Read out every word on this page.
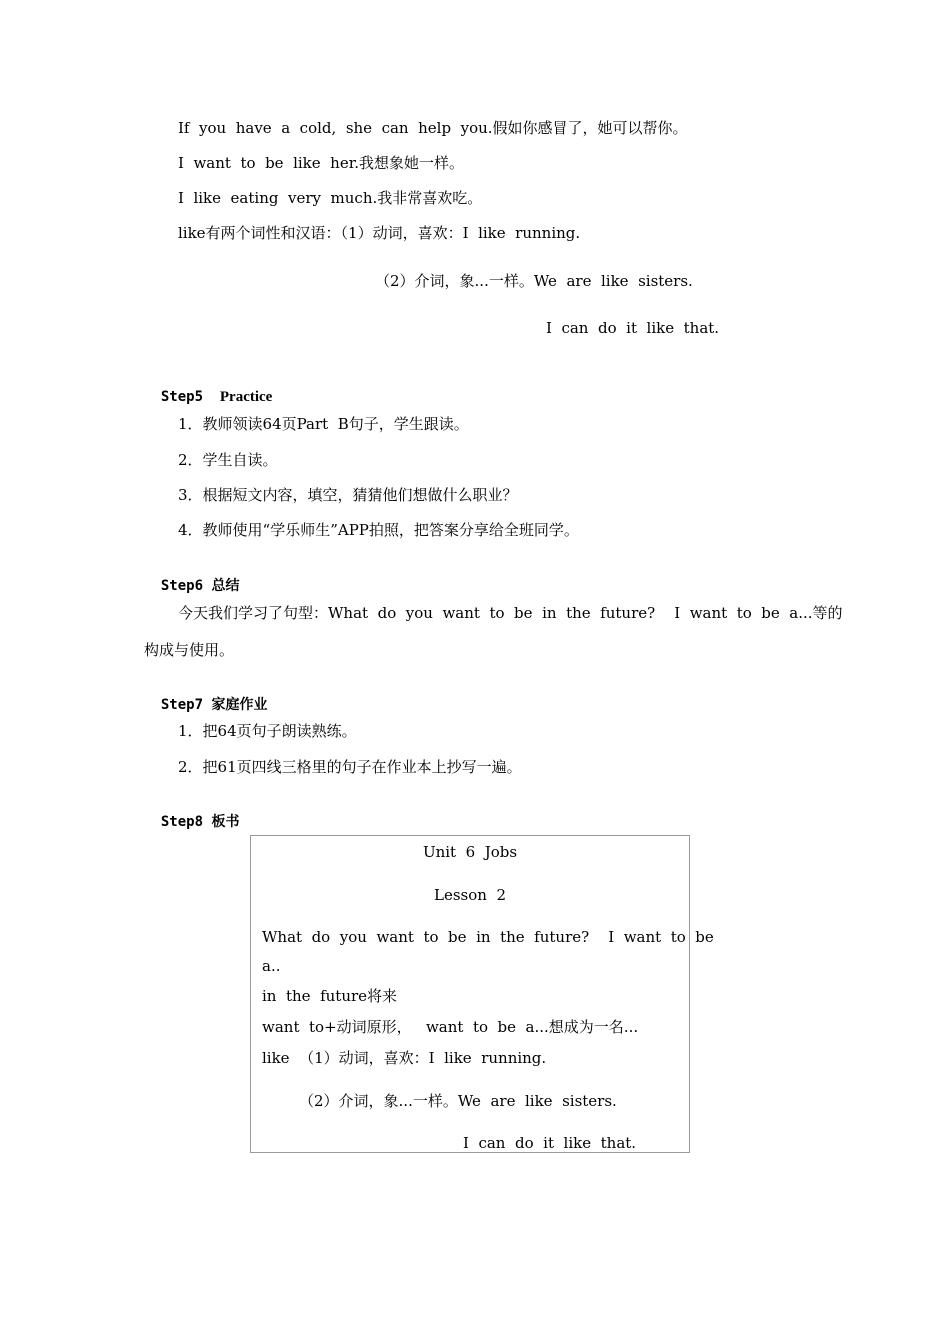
If  you  have  a  cold,  she  can  help  you.假如你感冒了，她可以帮你。
I  want  to  be  like  her.我想象她一样。
I  like  eating  very  much.我非常喜欢吃。
like有两个词性和汉语：（1）动词，喜欢：I  like  running.
（2）介词，象...一样。We  are  like  sisters.
I  can  do  it  like  that.

Step5 Practice

1．教师领读64页Part  B句子，学生跟读。
2．学生自读。
3．根据短文内容，填空，猜猜他们想做什么职业？
4．教师使用“学乐师生”APP拍照，把答案分享给全班同学。

Step6 总结

今天我们学习了句型：What  do  you  want  to  be  in  the  future?    I  want  to  be  a...等的
构成与使用。

Step7 家庭作业

1．把64页句子朗读熟练。
2．把61页四线三格里的句子在作业本上抄写一遍。

Step8 板书

Unit  6  Jobs
Lesson  2
What  do  you  want  to  be  in  the  future?    I  want  to  be
a..
in  the  future将来
want  to+动词原形，   want  to  be  a...想成为一名...
like  （1）动词，喜欢：I  like  running.
（2）介词，象...一样。We  are  like  sisters.
I  can  do  it  like  that.
